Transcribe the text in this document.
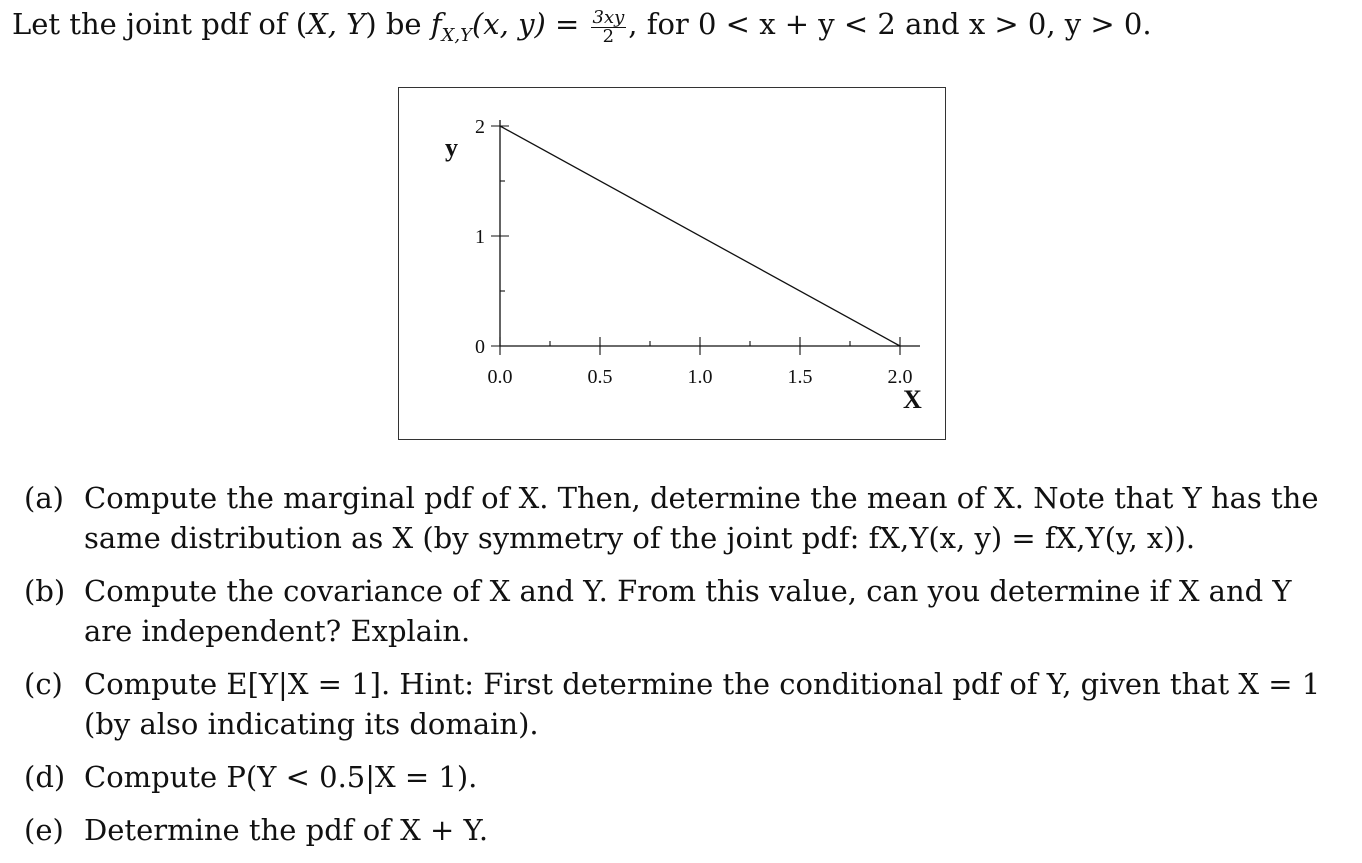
Let the joint pdf of (X, Y) be $f_{X,Y}(x$, $y) = \frac{3xy}{2}$ , for 0 < x + y < 2 and x > 0, y > 0.
0.0	0.5	1.0	1.5	2.0
0
1
2
y
X
(a) Compute the marginal pdf of X. Then, determine the mean of X. Note that Y has the same distribution as X (by symmetry of the joint pdf: fX,Y(x, y) = fX,Y(y, x)).
(b) Compute the covariance of X and Y. From this value, can you determine if X and Y are independent? Explain.
(c) Compute E[Y|X = 1]. Hint: First determine the conditional pdf of Y, given that X = 1 (by also indicating its domain).
(d) Compute P(Y < 0.5|X = 1).
(e) Determine the pdf of X + Y.
